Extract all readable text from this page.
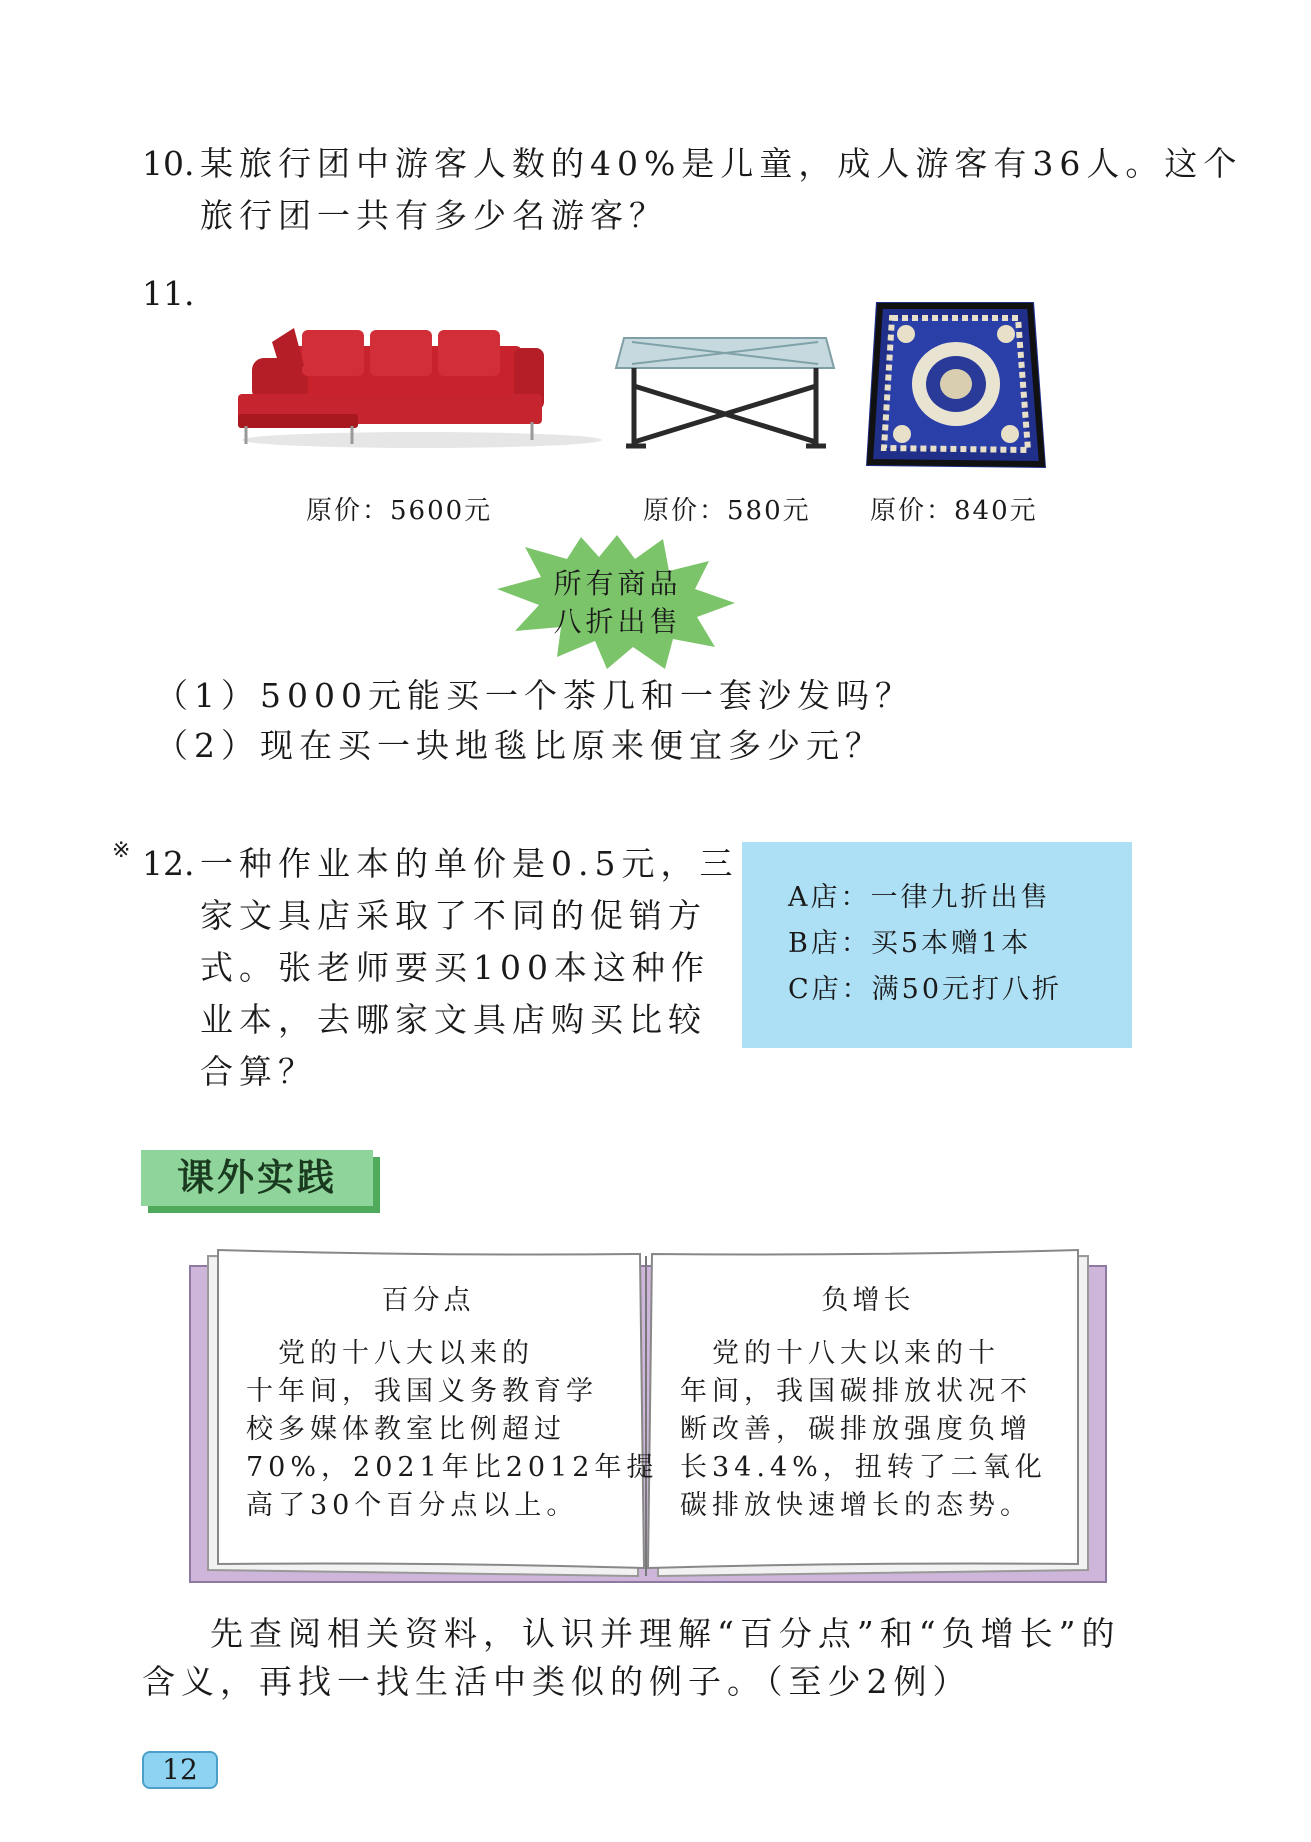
10. 某旅行团中游客人数的40%是儿童，成人游客有36人。这个
旅行团一共有多少名游客？
11.
原价：5600元	原价：580元 原价：840元
所有商品
八折出售
（1）5000元能买一个茶几和一套沙发吗？
（2）现在买一块地毯比原来便宜多少元？
※ 12. 一种作业本的单价是0.5元，三
家文具店采取了不同的促销方
式。张老师要买100本这种作
业本，去哪家文具店购买比较
合算？
A店：一律九折出售
B店：买5本赠1本
C店：满50元打八折
课外实践
百分点	负增长
　党的十八大以来的
十年间，我国义务教育学
校多媒体教室比例超过
70%，2021年比2012年提
高了30个百分点以上。
　党的十八大以来的十
年间，我国碳排放状况不
断改善，碳排放强度负增
长34.4%，扭转了二氧化
碳排放快速增长的态势。
先查阅相关资料，认识并理解“百分点”和“负增长”的
含义，再找一找生活中类似的例子。（至少2例）
12
